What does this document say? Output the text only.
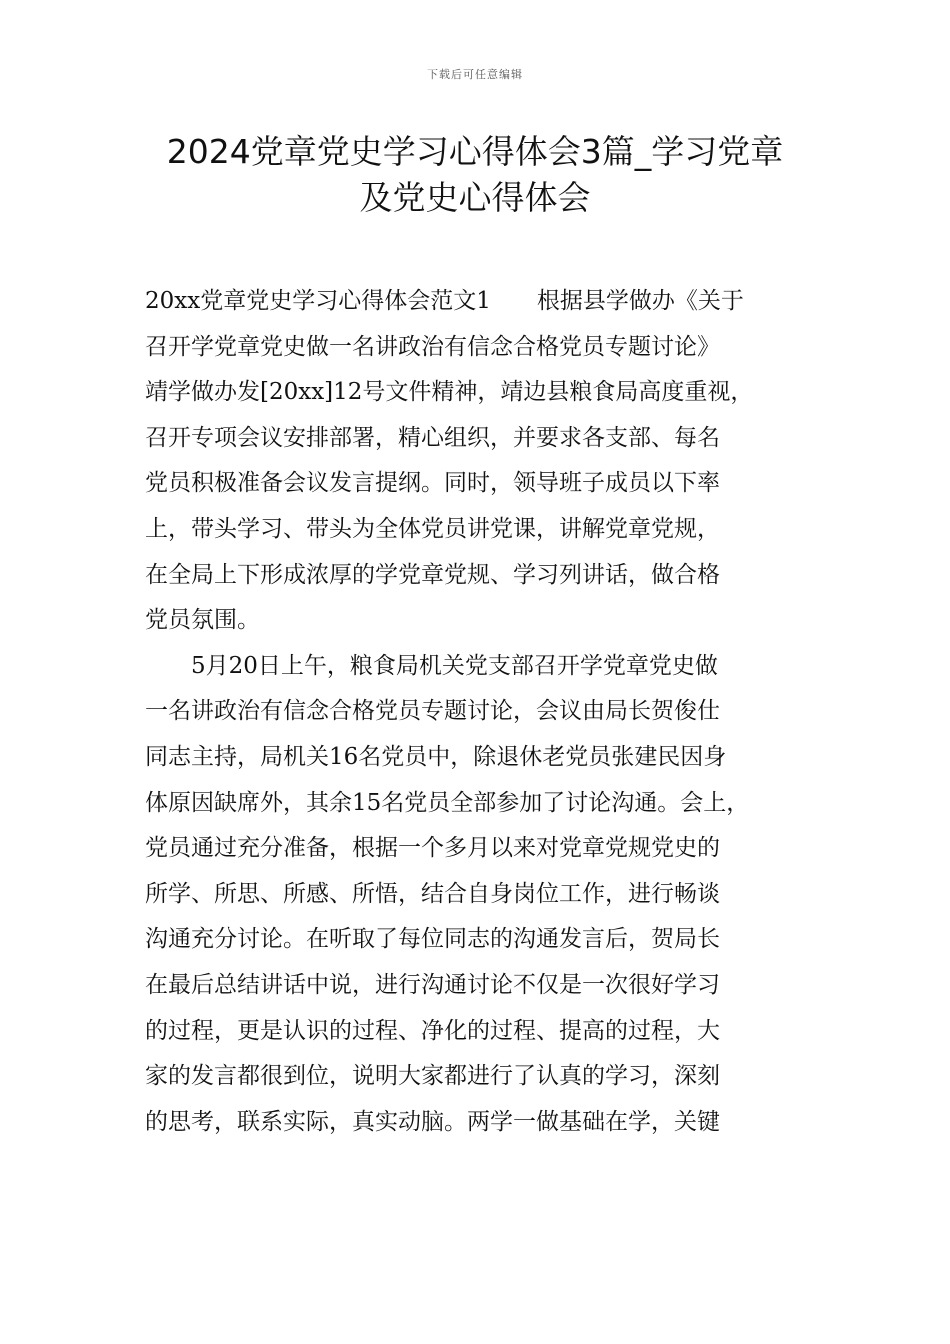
下载后可任意编辑
2024党章党史学习心得体会3篇_学习党章
及党史心得体会
20xx党章党史学习心得体会范文1　　根据县学做办《关于
召开学党章党史做一名讲政治有信念合格党员专题讨论》
靖学做办发[20xx]12号文件精神，靖边县粮食局高度重视，
召开专项会议安排部署，精心组织，并要求各支部、每名
党员积极准备会议发言提纲。同时，领导班子成员以下率
上，带头学习、带头为全体党员讲党课，讲解党章党规，
在全局上下形成浓厚的学党章党规、学习列讲话，做合格
党员氛围。
5月20日上午，粮食局机关党支部召开学党章党史做
一名讲政治有信念合格党员专题讨论，会议由局长贺俊仕
同志主持，局机关16名党员中，除退休老党员张建民因身
体原因缺席外，其余15名党员全部参加了讨论沟通。会上，
党员通过充分准备，根据一个多月以来对党章党规党史的
所学、所思、所感、所悟，结合自身岗位工作，进行畅谈
沟通充分讨论。在听取了每位同志的沟通发言后，贺局长
在最后总结讲话中说，进行沟通讨论不仅是一次很好学习
的过程，更是认识的过程、净化的过程、提高的过程，大
家的发言都很到位，说明大家都进行了认真的学习，深刻
的思考，联系实际，真实动脑。两学一做基础在学，关键
